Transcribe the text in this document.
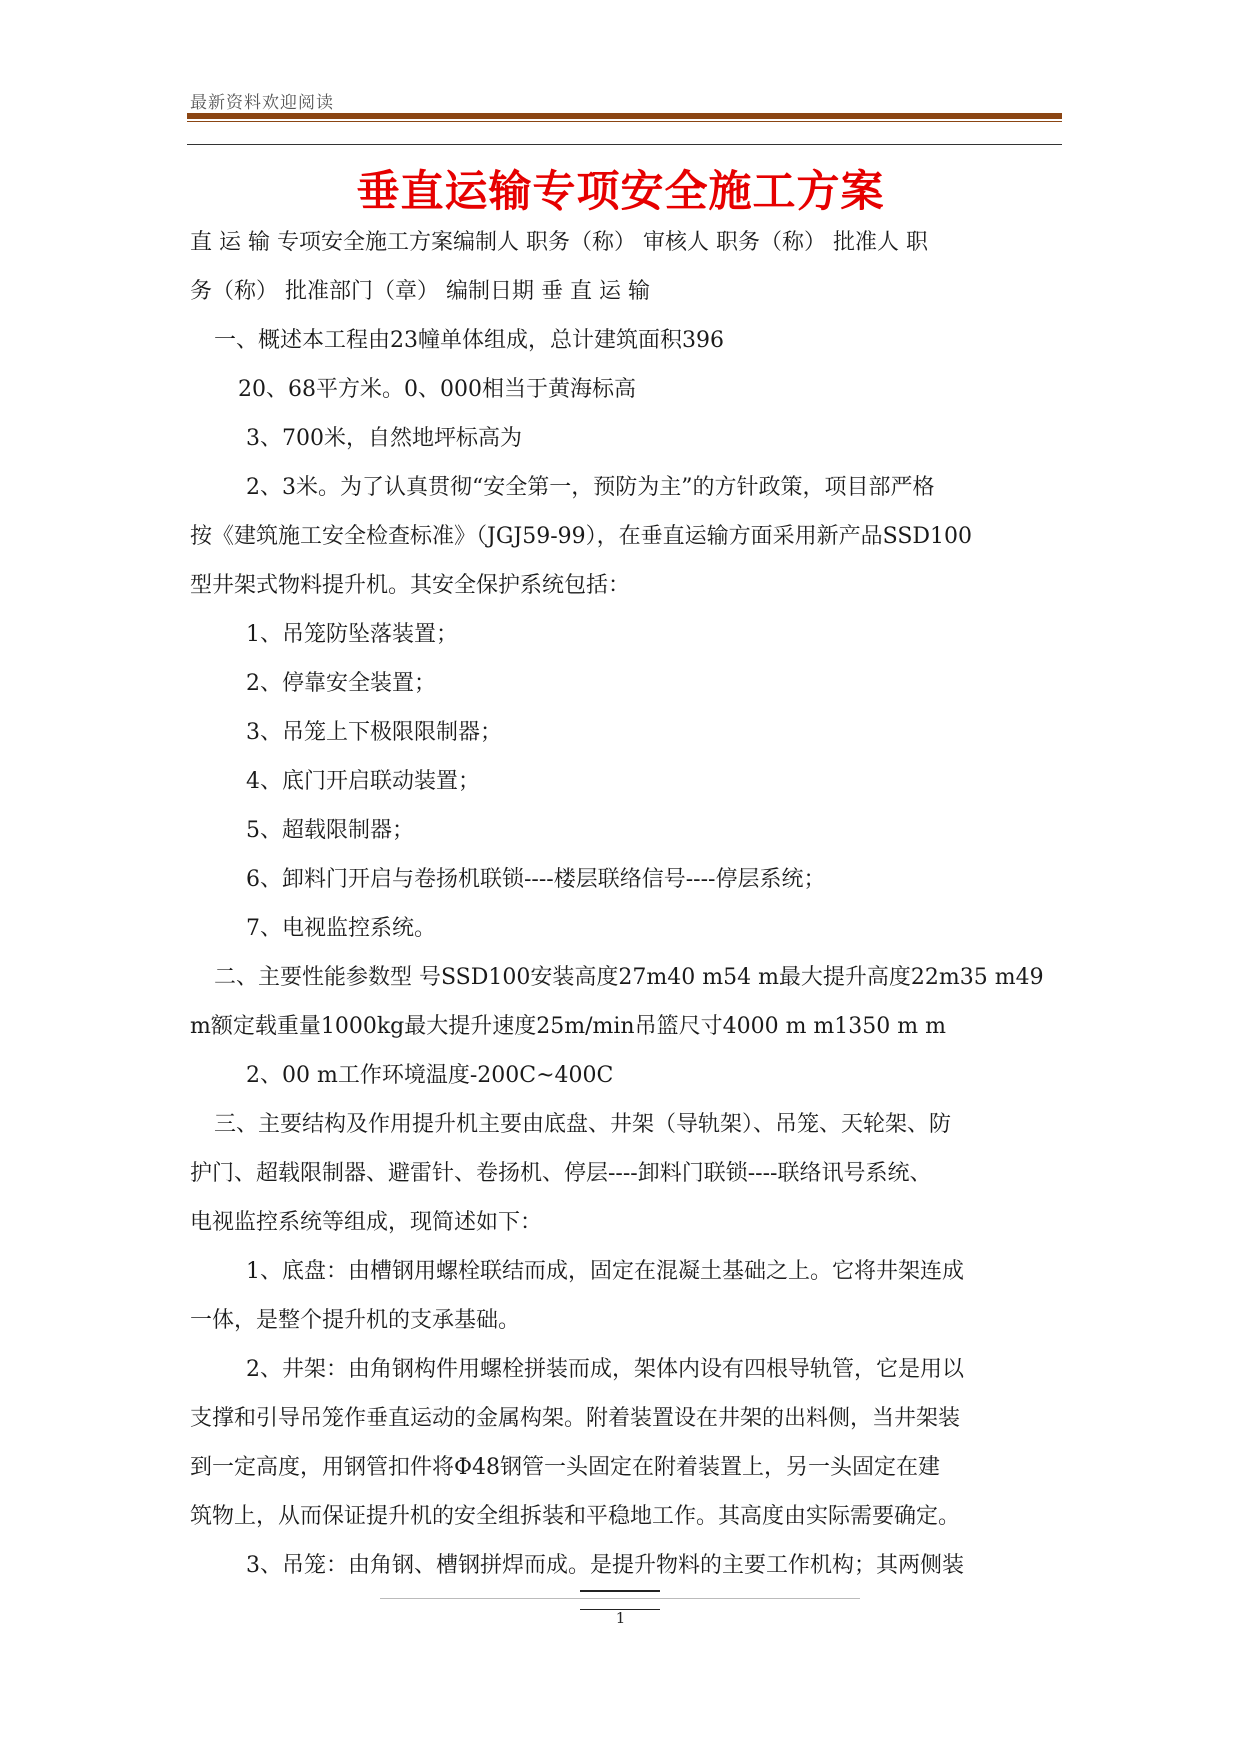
最新资料欢迎阅读
垂直运输专项安全施工方案

直 运 输 专项安全施工方案编制人 职务（称） 审核人 职务（称） 批准人 职

务（称） 批准部门（章） 编制日期 垂 直 运 输

一、概述本工程由23幢单体组成，总计建筑面积396

20、68平方米。0、000相当于黄海标高

3、700米，自然地坪标高为

2、3米。为了认真贯彻“安全第一，预防为主”的方针政策，项目部严格

按《建筑施工安全检查标准》（JGJ59-99），在垂直运输方面采用新产品SSD100

型井架式物料提升机。其安全保护系统包括：

1、吊笼防坠落装置；

2、停靠安全装置；

3、吊笼上下极限限制器；

4、底门开启联动装置；

5、超载限制器；

6、卸料门开启与卷扬机联锁----楼层联络信号----停层系统；

7、电视监控系统。

二、主要性能参数型 号SSD100安装高度27m40 m54 m最大提升高度22m35 m49

m额定载重量1000kg最大提升速度25m/min吊篮尺寸4000 m m1350 m m

2、00 m工作环境温度-200C~400C

三、主要结构及作用提升机主要由底盘、井架（导轨架）、吊笼、天轮架、防

护门、超载限制器、避雷针、卷扬机、停层----卸料门联锁----联络讯号系统、

电视监控系统等组成，现简述如下：

1、底盘：由槽钢用螺栓联结而成，固定在混凝土基础之上。它将井架连成

一体，是整个提升机的支承基础。

2、井架：由角钢构件用螺栓拼装而成，架体内设有四根导轨管，它是用以

支撑和引导吊笼作垂直运动的金属构架。附着装置设在井架的出料侧，当井架装

到一定高度，用钢管扣件将Φ48钢管一头固定在附着装置上，另一头固定在建

筑物上，从而保证提升机的安全组拆装和平稳地工作。其高度由实际需要确定。

3、吊笼：由角钢、槽钢拼焊而成。是提升物料的主要工作机构；其两侧装

1
